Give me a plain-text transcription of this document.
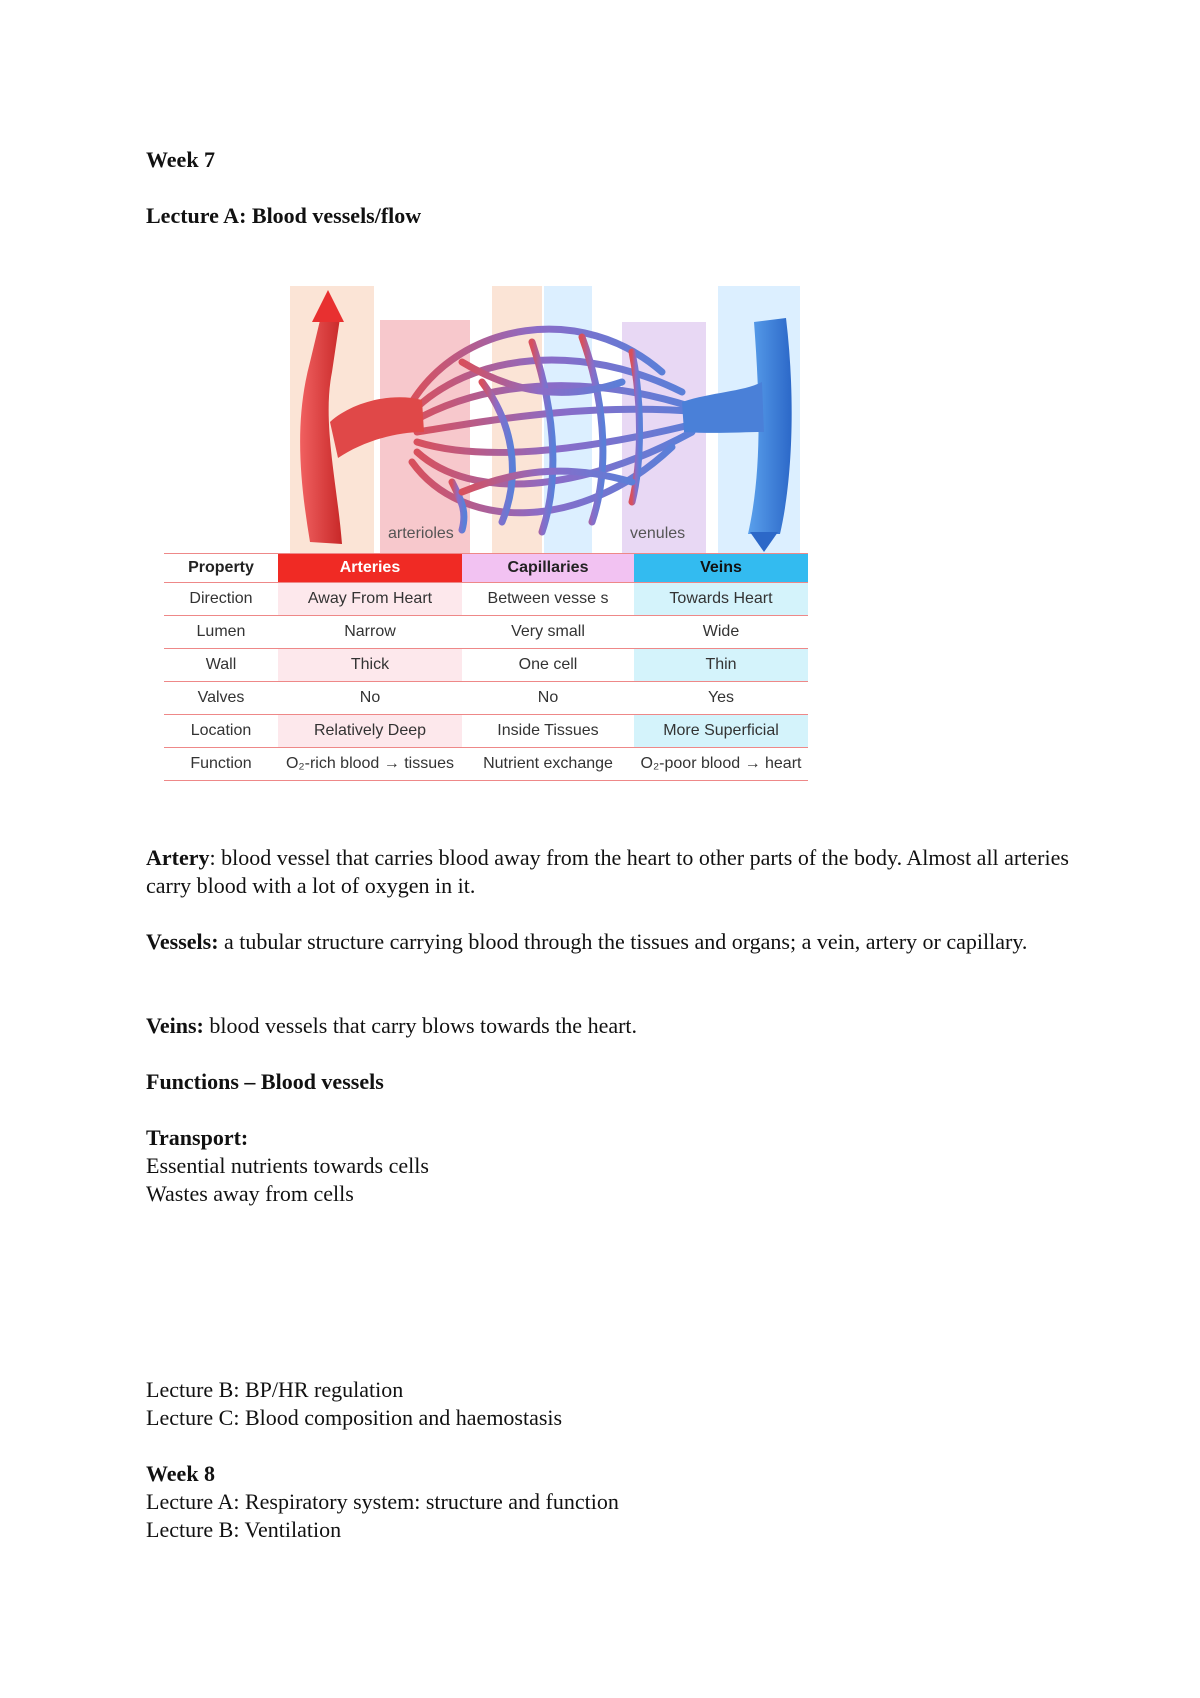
Week 7
Lecture A: Blood vessels/flow
arterioles	venules
Property	Arteries	Capillaries	Veins
Direction	Away From Heart	Between vesse s	Towards Heart
Lumen	Narrow	Very small	Wide
Wall	Thick	One cell	Thin
Valves	No	No	Yes
Location	Relatively Deep	Inside Tissues	More Superficial
Function	O₂-rich blood → tissues	Nutrient exchange	O₂-poor blood → heart
Artery: blood vessel that carries blood away from the heart to other parts of the body. Almost all arteries carry blood with a lot of oxygen in it.
Vessels: a tubular structure carrying blood through the tissues and organs; a vein, artery or capillary.
Veins: blood vessels that carry blows towards the heart.
Functions – Blood vessels
Transport:
Essential nutrients towards cells
Wastes away from cells
Lecture B: BP/HR regulation
Lecture C: Blood composition and haemostasis
Week 8
Lecture A: Respiratory system: structure and function
Lecture B: Ventilation
